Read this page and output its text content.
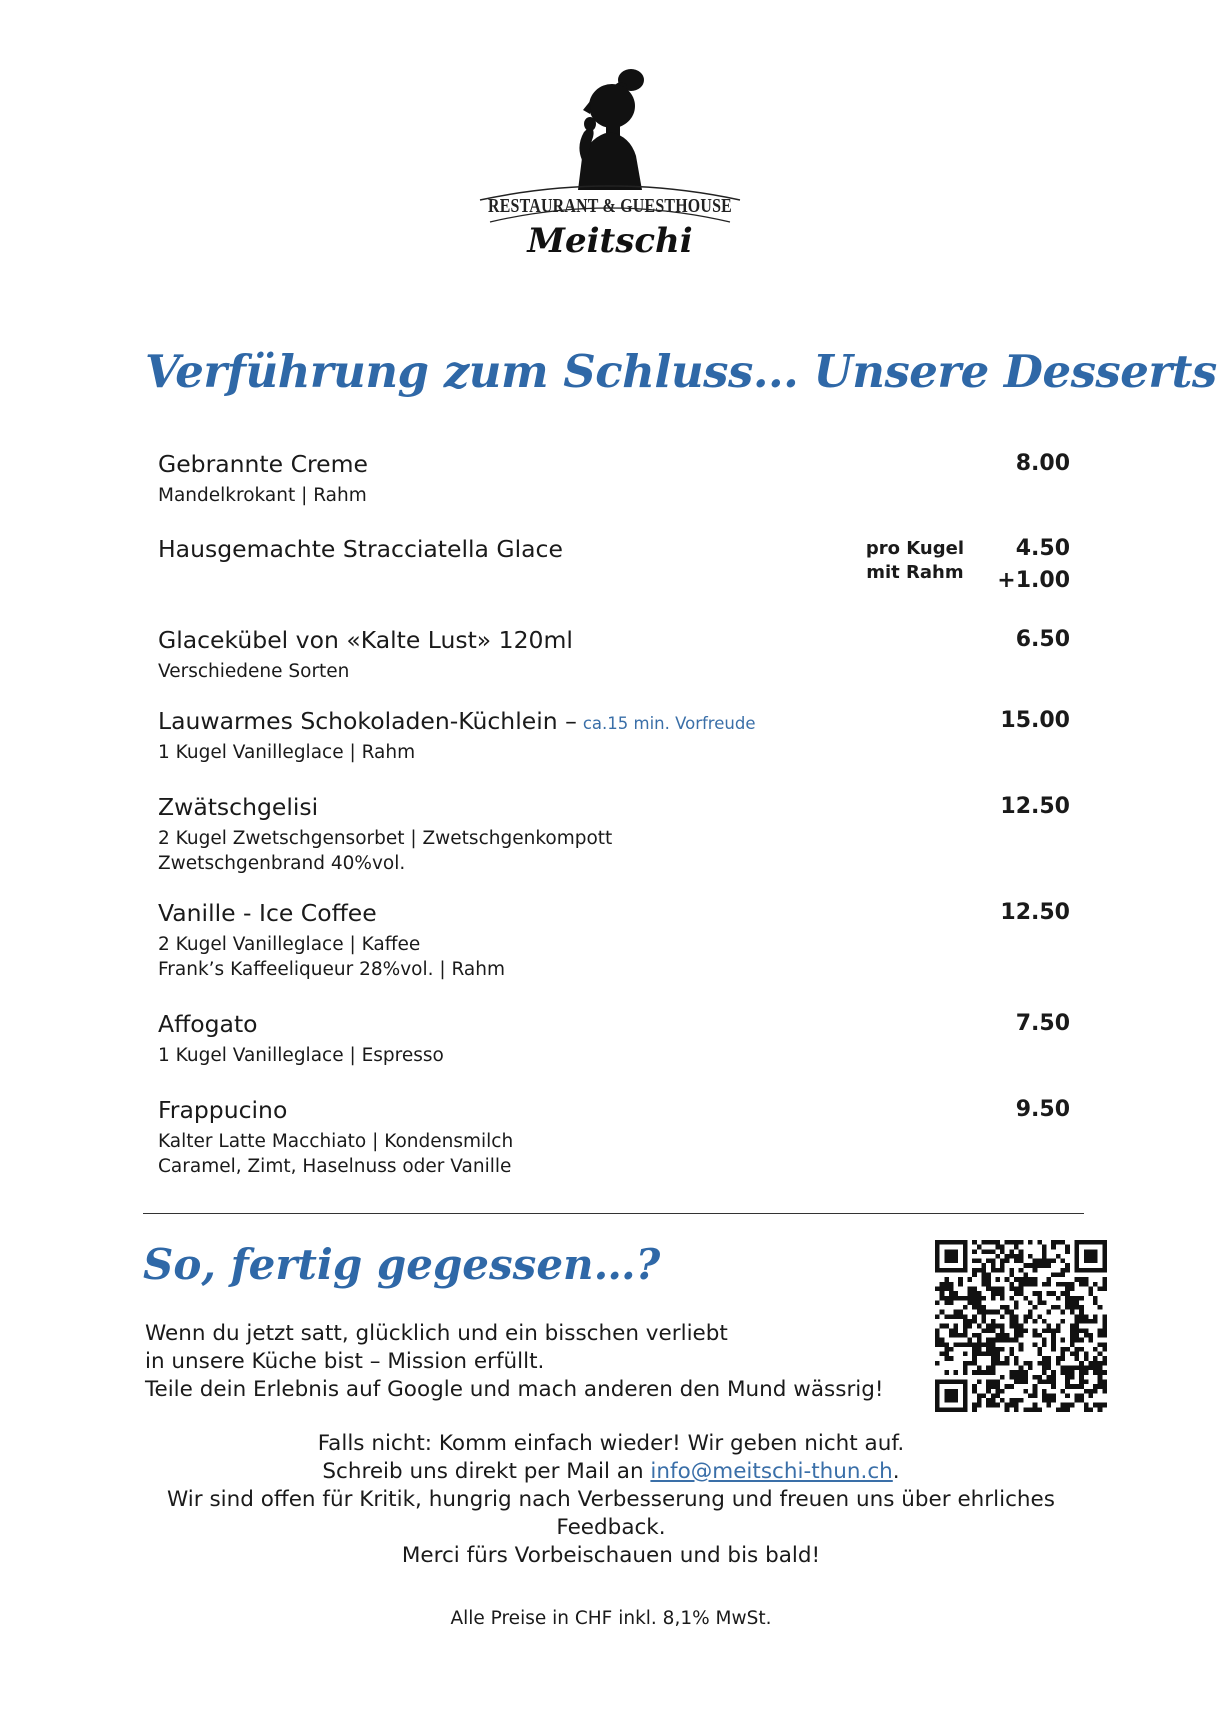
RESTAURANT & GUESTHOUSE
Meitschi
Verführung zum Schluss... Unsere Desserts
Gebrannte Creme
Mandelkrokant | Rahm
8.00
Hausgemachte Stracciatella Glace	pro Kugel
mit Rahm
4.50
+1.00
Glacekübel von «Kalte Lust» 120ml
Verschiedene Sorten
6.50
Lauwarmes Schokoladen-Küchlein – ca.15 min. Vorfreude
1 Kugel Vanilleglace | Rahm
15.00
Zwätschgelisi
2 Kugel Zwetschgensorbet | Zwetschgenkompott
Zwetschgenbrand 40%vol.
12.50
Vanille - Ice Coffee
2 Kugel Vanilleglace | Kaffee
Frank’s Kaffeeliqueur 28%vol. | Rahm
12.50
Affogato
1 Kugel Vanilleglace | Espresso
7.50
Frappucino
Kalter Latte Macchiato | Kondensmilch
Caramel, Zimt, Haselnuss oder Vanille
9.50
So, fertig gegessen…?
Wenn du jetzt satt, glücklich und ein bisschen verliebt
in unsere Küche bist – Mission erfüllt.
Teile dein Erlebnis auf Google und mach anderen den Mund wässrig!
Falls nicht: Komm einfach wieder! Wir geben nicht auf.
Schreib uns direkt per Mail an info@meitschi-thun.ch.
Wir sind offen für Kritik, hungrig nach Verbesserung und freuen uns über ehrliches
Feedback.
Merci fürs Vorbeischauen und bis bald!
Alle Preise in CHF inkl. 8,1% MwSt.
